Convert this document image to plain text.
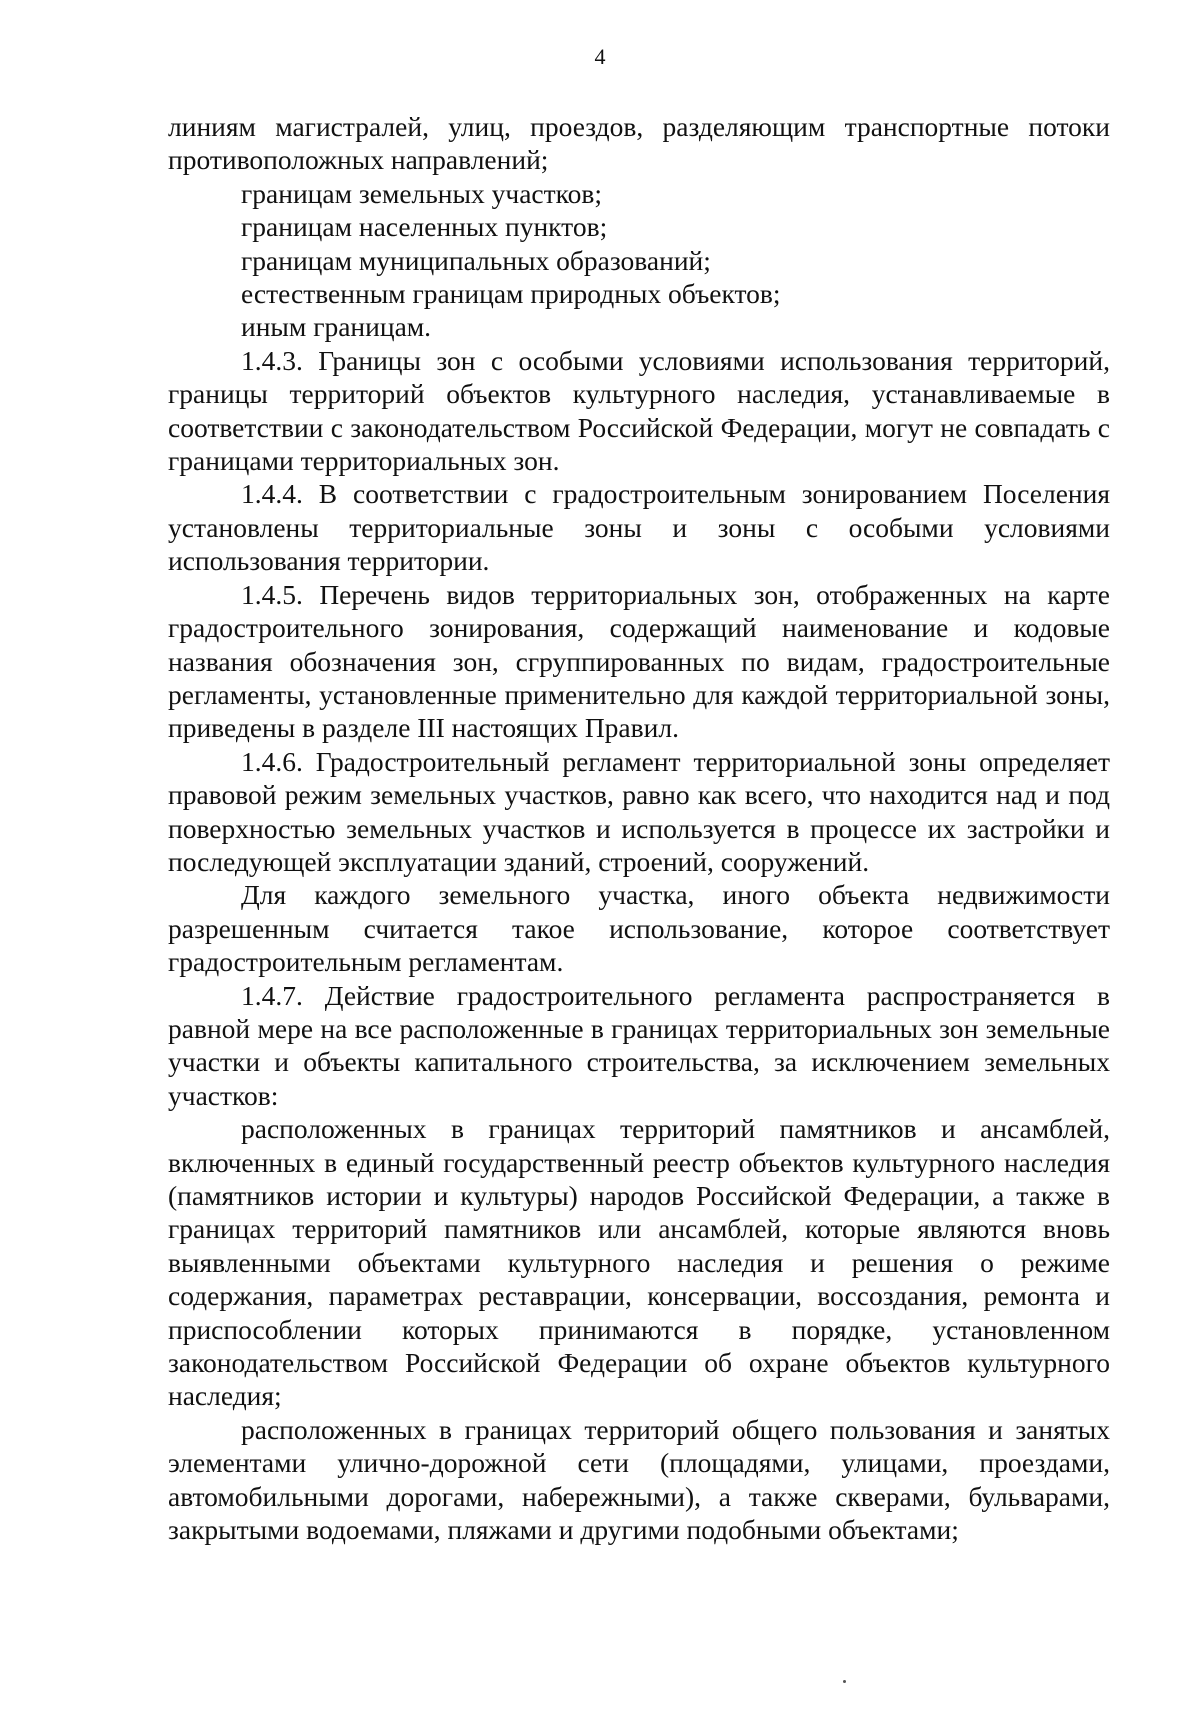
4

линиям магистралей, улиц, проездов, разделяющим транспортные потоки противоположных направлений;

границам земельных участков;

границам населенных пунктов;

границам муниципальных образований;

естественным границам природных объектов;

иным границам.

1.4.3. Границы зон с особыми условиями использования территорий, границы территорий объектов культурного наследия, устанавливаемые в соответствии с законодательством Российской Федерации, могут не совпадать с границами территориальных зон.

1.4.4. В соответствии с градостроительным зонированием Поселения установлены территориальные зоны и зоны с особыми условиями использования территории.

1.4.5. Перечень видов территориальных зон, отображенных на карте градостроительного зонирования, содержащий наименование и кодовые названия обозначения зон, сгруппированных по видам, градостроительные регламенты, установленные применительно для каждой территориальной зоны, приведены в разделе III настоящих Правил.

1.4.6. Градостроительный регламент территориальной зоны определяет правовой режим земельных участков, равно как всего, что находится над и под поверхностью земельных участков и используется в процессе их застройки и последующей эксплуатации зданий, строений, сооружений.

Для каждого земельного участка, иного объекта недвижимости разрешенным считается такое использование, которое соответствует градостроительным регламентам.

1.4.7. Действие градостроительного регламента распространяется в равной мере на все расположенные в границах территориальных зон земельные участки и объекты капитального строительства, за исключением земельных участков:

расположенных в границах территорий памятников и ансамблей, включенных в единый государственный реестр объектов культурного наследия (памятников истории и культуры) народов Российской Федерации, а также в границах территорий памятников или ансамблей, которые являются вновь выявленными объектами культурного наследия и решения о режиме содержания, параметрах реставрации, консервации, воссоздания, ремонта и приспособлении которых принимаются в порядке, установленном законодательством Российской Федерации об охране объектов культурного наследия;

расположенных в границах территорий общего пользования и занятых элементами улично-дорожной сети (площадями, улицами, проездами, автомобильными дорогами, набережными), а также скверами, бульварами, закрытыми водоемами, пляжами и другими подобными объектами;
